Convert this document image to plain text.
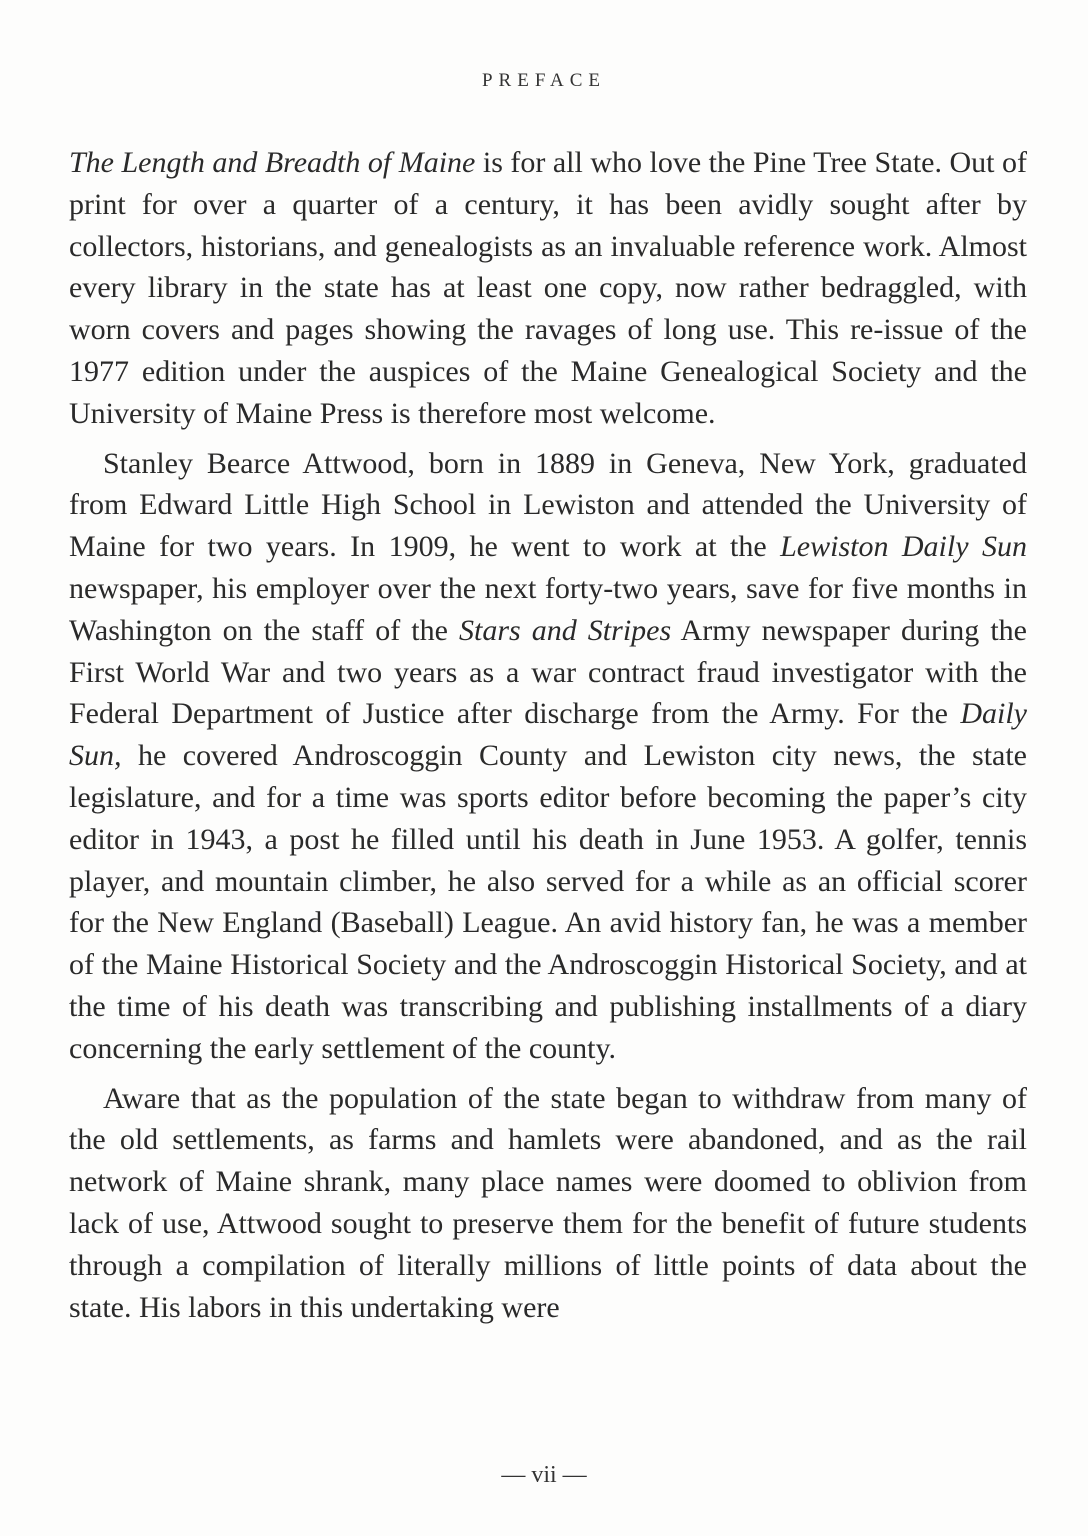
PREFACE

The Length and Breadth of Maine is for all who love the Pine Tree State. Out of print for over a quarter of a century, it has been avidly sought after by collectors, historians, and genealogists as an invaluable reference work. Almost every library in the state has at least one copy, now rather bedraggled, with worn covers and pages showing the ravages of long use. This re-issue of the 1977 edition under the auspices of the Maine Genealogical Society and the University of Maine Press is therefore most welcome.

Stanley Bearce Attwood, born in 1889 in Geneva, New York, graduated from Edward Little High School in Lewiston and attended the University of Maine for two years. In 1909, he went to work at the Lewiston Daily Sun newspaper, his employer over the next forty-two years, save for five months in Washington on the staff of the Stars and Stripes Army newspaper during the First World War and two years as a war contract fraud investigator with the Federal Department of Justice after discharge from the Army. For the Daily Sun, he covered Androscoggin County and Lewiston city news, the state legislature, and for a time was sports editor before becoming the paper’s city editor in 1943, a post he filled until his death in June 1953. A golfer, tennis player, and mountain climber, he also served for a while as an official scorer for the New England (Baseball) League. An avid history fan, he was a member of the Maine Historical Society and the Androscoggin Historical Society, and at the time of his death was transcribing and publishing installments of a diary concerning the early settlement of the county.

Aware that as the population of the state began to withdraw from many of the old settlements, as farms and hamlets were abandoned, and as the rail network of Maine shrank, many place names were doomed to oblivion from lack of use, Attwood sought to preserve them for the benefit of future students through a compilation of literally millions of little points of data about the state. His labors in this undertaking were

— vii —
